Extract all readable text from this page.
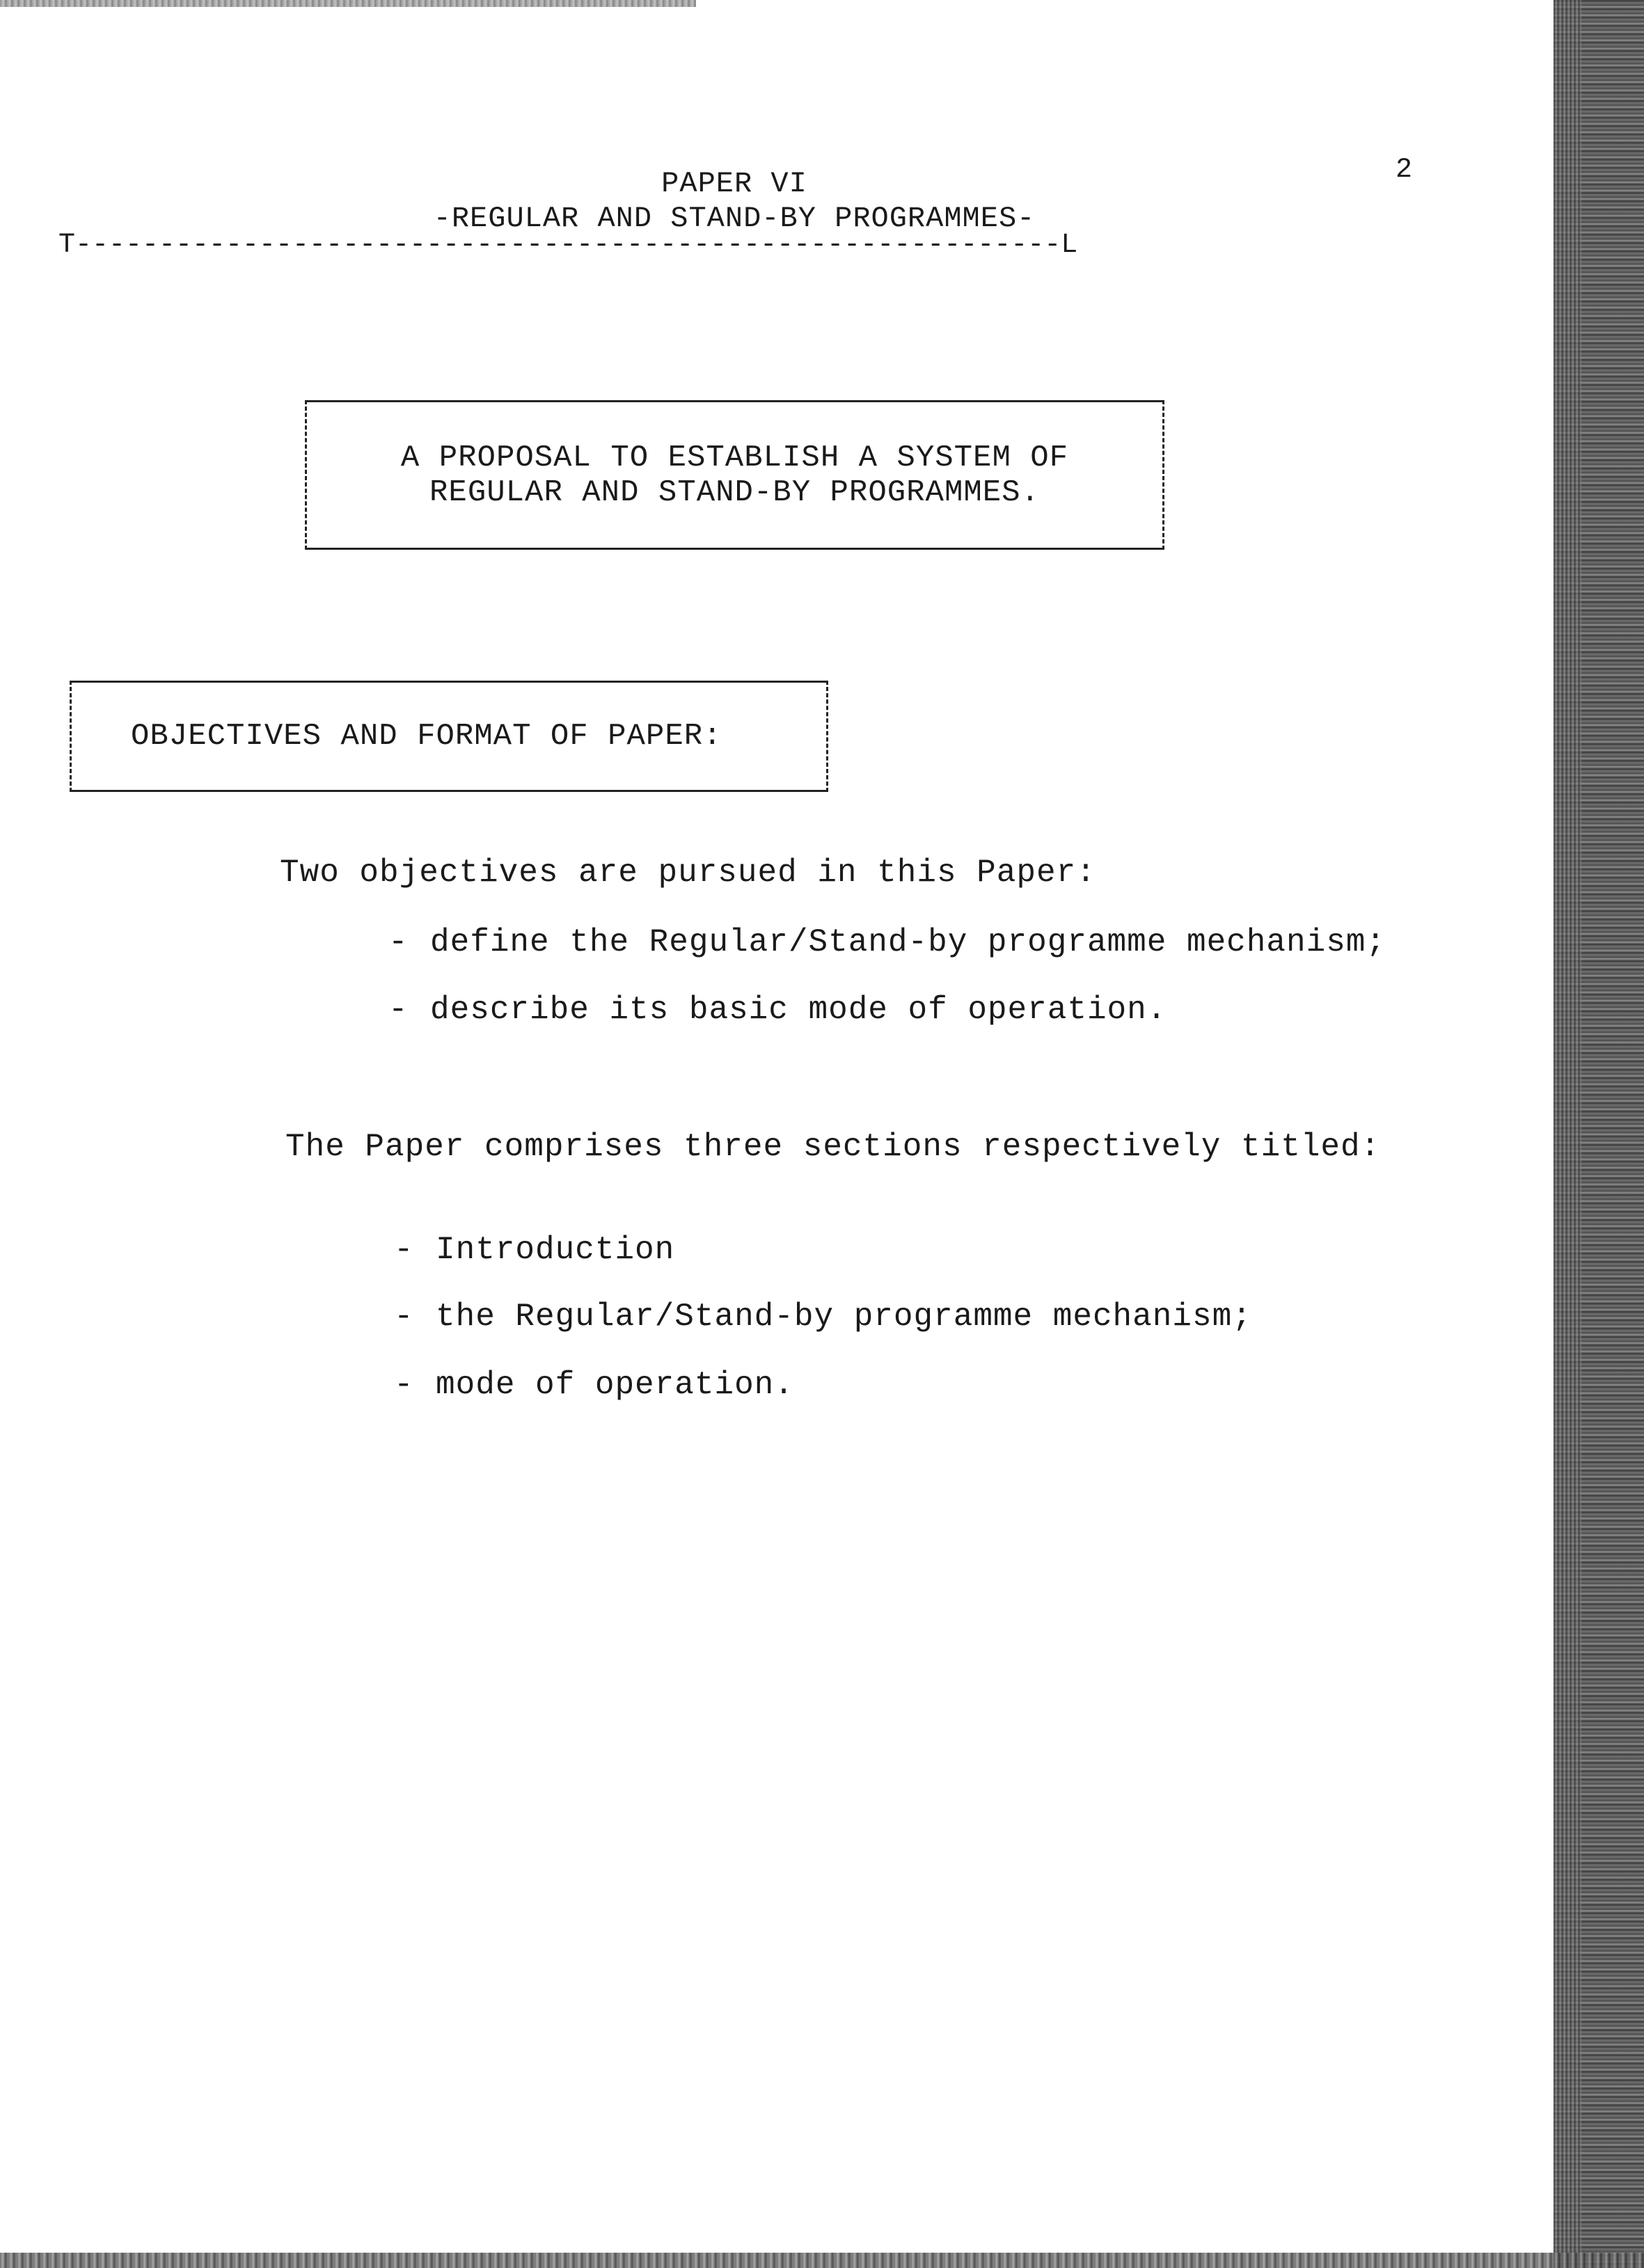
2
PAPER VI
-REGULAR AND STAND-BY PROGRAMMES-
T-----------------------------------------------------------L
A PROPOSAL TO ESTABLISH A SYSTEM OF
REGULAR AND STAND-BY PROGRAMMES.
OBJECTIVES AND FORMAT OF PAPER:
Two objectives are pursued in this Paper:
- define the Regular/Stand-by programme mechanism;
- describe its basic mode of operation.
The Paper comprises three sections respectively titled:
- Introduction
- the Regular/Stand-by programme mechanism;
- mode of operation.
